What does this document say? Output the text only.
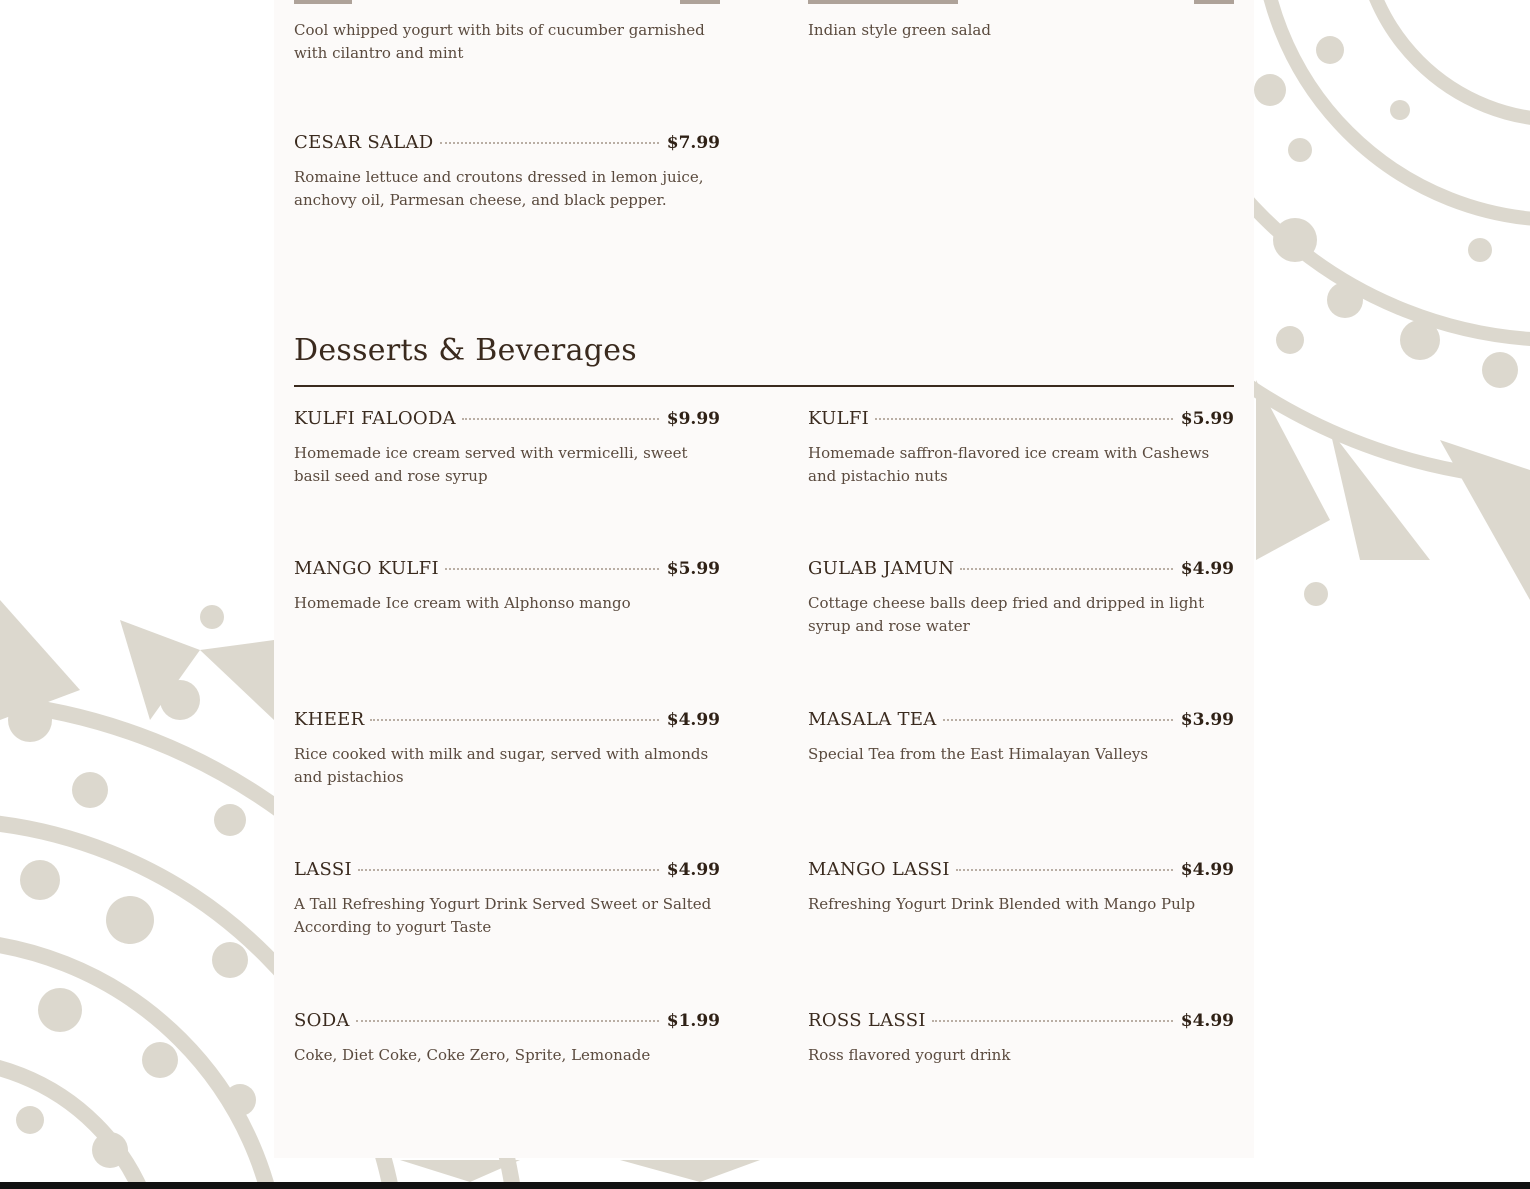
Cool whipped yogurt with bits of cucumber garnished with cilantro and mint
Indian style green salad
CESAR SALAD	$7.99
Romaine lettuce and croutons dressed in lemon juice, anchovy oil, Parmesan cheese, and black pepper.
Desserts & Beverages
KULFI FALOODA	$9.99
Homemade ice cream served with vermicelli, sweet basil seed and rose syrup
KULFI	$5.99
Homemade saffron-flavored ice cream with Cashews and pistachio nuts
MANGO KULFI	$5.99
Homemade Ice cream with Alphonso mango
GULAB JAMUN	$4.99
Cottage cheese balls deep fried and dripped in light syrup and rose water
KHEER	$4.99
Rice cooked with milk and sugar, served with almonds and pistachios
MASALA TEA	$3.99
Special Tea from the East Himalayan Valleys
LASSI	$4.99
A Tall Refreshing Yogurt Drink Served Sweet or Salted According to yogurt Taste
MANGO LASSI	$4.99
Refreshing Yogurt Drink Blended with Mango Pulp
SODA	$1.99
Coke, Diet Coke, Coke Zero, Sprite, Lemonade
ROSS LASSI	$4.99
Ross flavored yogurt drink
